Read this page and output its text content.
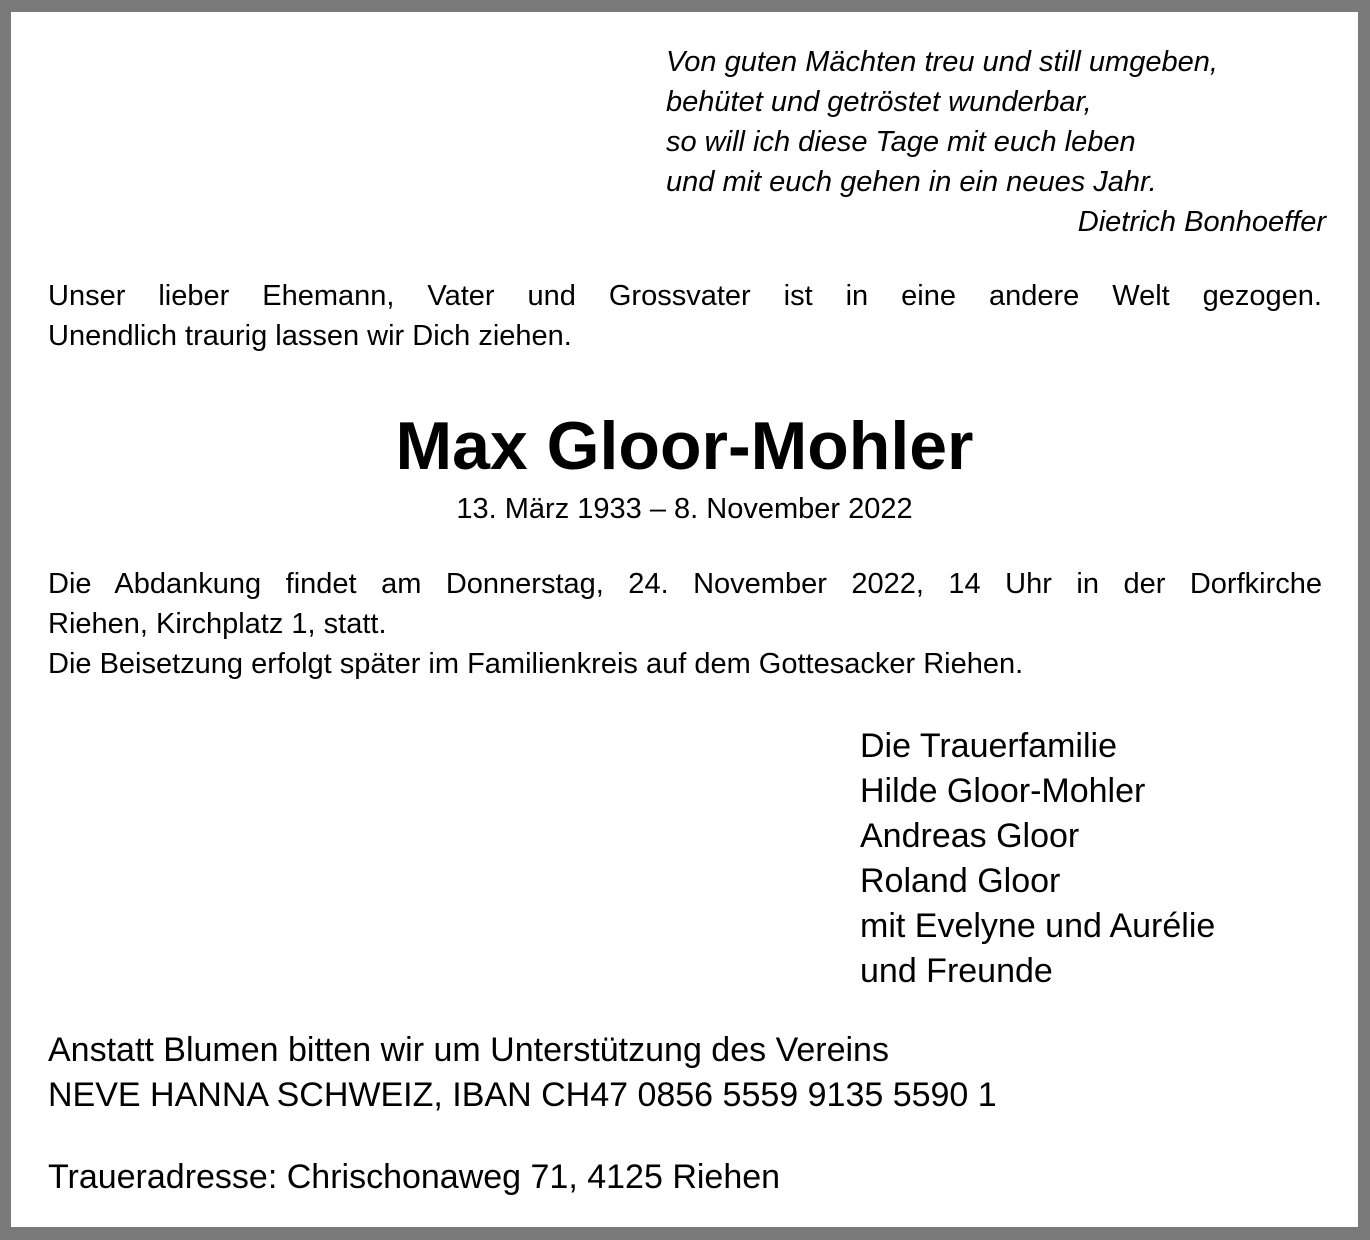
Von guten Mächten treu und still umgeben,
behütet und getröstet wunderbar,
so will ich diese Tage mit euch leben
und mit euch gehen in ein neues Jahr.
Dietrich Bonhoeffer
Unser lieber Ehemann, Vater und Grossvater ist in eine andere Welt gezogen.
Unendlich traurig lassen wir Dich ziehen.
Max Gloor-Mohler
13. März 1933 – 8. November 2022
Die Abdankung findet am Donnerstag, 24. November 2022, 14 Uhr in der Dorfkirche
Riehen, Kirchplatz 1, statt.
Die Beisetzung erfolgt später im Familienkreis auf dem Gottesacker Riehen.
Die Trauerfamilie
Hilde Gloor-Mohler
Andreas Gloor
Roland Gloor
mit Evelyne und Aurélie
und Freunde
Anstatt Blumen bitten wir um Unterstützung des Vereins
NEVE HANNA SCHWEIZ, IBAN CH47 0856 5559 9135 5590 1
Traueradresse: Chrischonaweg 71, 4125 Riehen
